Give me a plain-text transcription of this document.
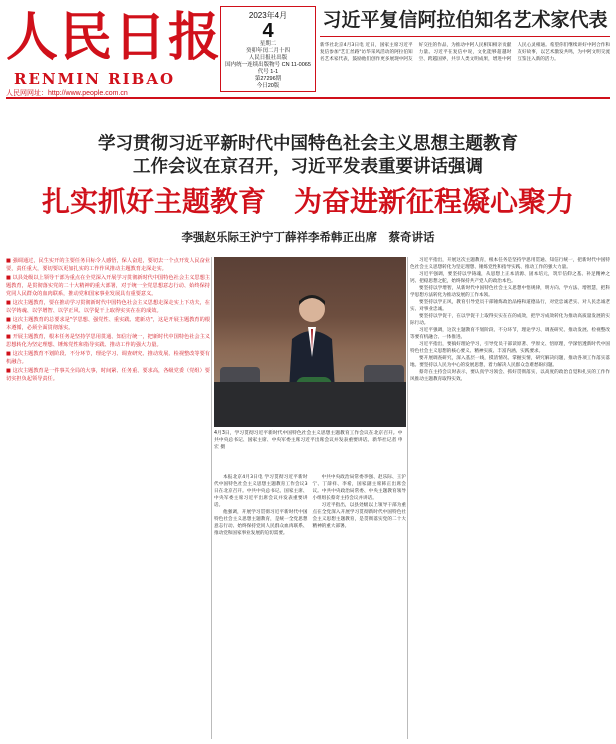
人民日报
RENMIN RIBAO
人民网网址：http://www.people.com.cn
2023年4月
4
星期二
癸卯年闰二月十四
人民日报社出版
国内统一连续出版物号 CN 11-0065
代号 1-1
第27296期
今日20版
习近平复信阿拉伯知名艺术家代表

新华社北京4月3日电 近日，国家主席习近平复信参加"艺汇丝路"访华采风活动的阿拉伯知名艺术家代表，鼓励他们创作更多展现中阿友好交往的作品，为推动中阿人民相知相亲贡献力量。习近平在复信中说，文化能够超越时空、跨越国界，共享人类文明成果，增进中阿人民心灵相通。希望你们继续讲好中阿合作和友好故事，以艺术激发共鸣，为中阿文明交流互鉴注入新的活力。

学习贯彻习近平新时代中国特色社会主义思想主题教育
工作会议在京召开，习近平发表重要讲话强调
扎实抓好主题教育　为奋进新征程凝心聚力
李强赵乐际王沪宁丁薛祥李希韩正出席　蔡奇讲话

■ 强调通过，民生实开的主要任务目标令人感悟，保人奋进，要切去一个点开发人民奋业要，责任重大，要切要以更加扎实的工作作风推动主题教育走深走实。

■ 以县处级以上领导干部为重点在全党深入开展学习贯彻新时代中国特色社会主义思想主题教育，是贯彻落实党的二十大精神的重大部署，对于统一全党思想意志行动、始终保持党同人民群众的血肉联系，推动党和国家事业发展具有重要意义。

■ 这次主题教育，要在推动学习贯彻新时代中国特色社会主义思想走深走实上下功夫，在以学铸魂、以学增智、以学正风、以学促干上取得实实在在的成效。

■ 这次主题教育的总要求是"学思想、强党性、重实践、建新功"，这是开展主题教育的根本遵循，必须全面贯彻落实。

■ 开展主题教育，根本任务是坚持学思用贯通、知信行统一，把新时代中国特色社会主义思想转化为坚定理想、锤炼党性和指导实践、推动工作的强大力量。

■ 这次主题教育不划阶段、不分环节，理论学习、调查研究、推动发展、检视整改等要有机融合。

■ 这次主题教育是一件事关全局的大事，时间紧、任务重、要求高，各级党委（党组）要切实担负起领导责任。

4月3日，学习贯彻习近平新时代中国特色社会主义思想主题教育工作会议在北京召开。中共中央总书记、国家主席、中央军委主席习近平出席会议并发表重要讲话。新华社记者 申宏 摄

本报北京4月3日电 学习贯彻习近平新时代中国特色社会主义思想主题教育工作会议3日在北京召开。中共中央总书记、国家主席、中央军委主席习近平出席会议并发表重要讲话。

他强调，开展学习贯彻习近平新时代中国特色社会主义思想主题教育，是统一全党思想意志行动、始终保持党同人民群众血肉联系、推动党和国家事业发展的迫切需要。

中共中央政治局常委李强、赵乐际、王沪宁、丁薛祥、李希，国家副主席韩正出席会议。中共中央政治局常委、中央主题教育领导小组组长蔡奇主持会议并讲话。

习近平指出，以县处级以上领导干部为重点在全党深入开展学习贯彻新时代中国特色社会主义思想主题教育，是贯彻落实党的二十大精神的重大部署。

习近平指出，开展这次主题教育，根本任务是坚持学思用贯通、知信行统一，把新时代中国特色社会主义思想转化为坚定理想、锤炼党性和指导实践、推动工作的强大力量。

习近平强调，要坚持以学铸魂，从思想上正本清源、固本培元，筑牢信仰之基、补足精神之钙、把稳思想之舵，始终保持共产党人的政治本色。

要坚持以学增智，从新时代中国特色社会主义思想中悟规律，明方向、学方法、增智慧，把科学思想方法转化为推动发展的工作本领。

要坚持以学正风，教育引导党员干部锤炼政治品格和道德品行，对党忠诚老实、对人民忠诚老实、对事业忠诚。

要坚持以学促干，在以学促干上取得实实在在的成效，把学习成效转化为推动高质量发展的实际行动。

习近平强调，这次主题教育不划阶段、不分环节，理论学习、调查研究、推动发展、检视整改等要有机融合、一体推进。

习近平指出，要搞好理论学习，引导党员干部读原著、学原文、悟原理，学深悟透新时代中国特色社会主义思想的核心要义、精神实质、丰富内涵、实践要求。

要开展调查研究，深入基层一线，摸清情况、掌握实情，研究解决问题，推动各项工作落实落地。要坚持以人民为中心的发展思想，着力解决人民群众急难愁盼问题。

蔡奇在主持会议时表示，要认真学习领会、抓好贯彻落实，以高度的政治自觉和扎实的工作作风推动主题教育取得实效。
